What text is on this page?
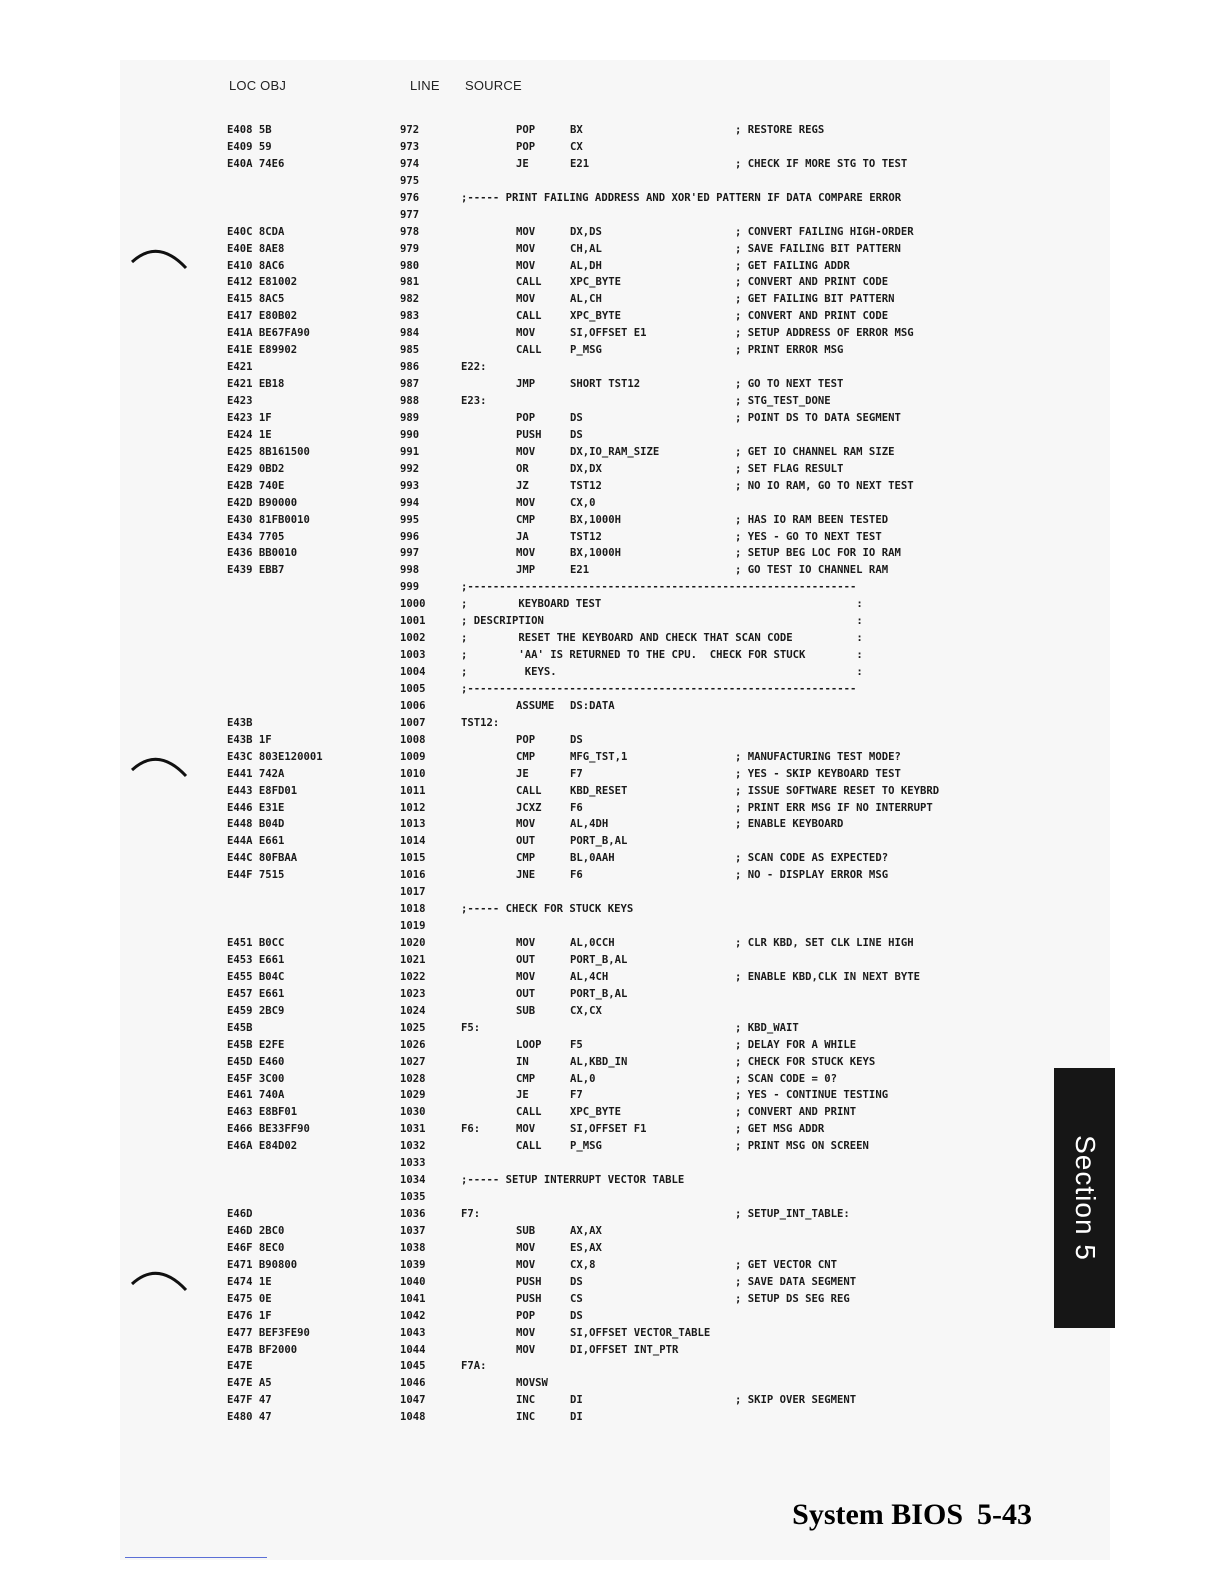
LOC OBJ	LINE SOURCE
E408 5B	972	POP	BX	; RESTORE REGS
E409 59	973	POP	CX
E40A 74E6	974	JE	E21	; CHECK IF MORE STG TO TEST
975
976	;----- PRINT FAILING ADDRESS AND XOR'ED PATTERN IF DATA COMPARE ERROR
977
E40C 8CDA	978	MOV	DX,DS	; CONVERT FAILING HIGH-ORDER
E40E 8AE8	979	MOV	CH,AL	; SAVE FAILING BIT PATTERN
E410 8AC6	980	MOV	AL,DH	; GET FAILING ADDR
E412 E81002	981	CALL	XPC_BYTE	; CONVERT AND PRINT CODE
E415 8AC5	982	MOV	AL,CH	; GET FAILING BIT PATTERN
E417 E80B02	983	CALL	XPC_BYTE	; CONVERT AND PRINT CODE
E41A BE67FA90	984	MOV	SI,OFFSET E1	; SETUP ADDRESS OF ERROR MSG
E41E E89902	985	CALL	P_MSG	; PRINT ERROR MSG
E421	986	E22:
E421 EB18	987	JMP	SHORT TST12	; GO TO NEXT TEST
E423	988	E23:	; STG_TEST_DONE
E423 1F	989	POP	DS	; POINT DS TO DATA SEGMENT
E424 1E	990	PUSH	DS
E425 8B161500	991	MOV	DX,IO_RAM_SIZE	; GET IO CHANNEL RAM SIZE
E429 0BD2	992	OR	DX,DX	; SET FLAG RESULT
E42B 740E	993	JZ	TST12	; NO IO RAM, GO TO NEXT TEST
E42D B90000	994	MOV	CX,0
E430 81FB0010	995	CMP	BX,1000H	; HAS IO RAM BEEN TESTED
E434 7705	996	JA	TST12	; YES - GO TO NEXT TEST
E436 BB0010	997	MOV	BX,1000H	; SETUP BEG LOC FOR IO RAM
E439 EBB7	998	JMP	E21	; GO TEST IO CHANNEL RAM
999	;-------------------------------------------------------------
1000	;        KEYBOARD TEST                                        :
1001	; DESCRIPTION                                                 :
1002	;        RESET THE KEYBOARD AND CHECK THAT SCAN CODE          :
1003	;        'AA' IS RETURNED TO THE CPU.  CHECK FOR STUCK        :
1004	;         KEYS.                                               :
1005	;-------------------------------------------------------------
1006	ASSUME DS:DATA
E43B	1007	TST12:
E43B 1F	1008	POP	DS
E43C 803E120001	1009	CMP	MFG_TST,1	; MANUFACTURING TEST MODE?
E441 742A	1010	JE	F7	; YES - SKIP KEYBOARD TEST
E443 E8FD01	1011	CALL	KBD_RESET	; ISSUE SOFTWARE RESET TO KEYBRD
E446 E31E	1012	JCXZ	F6	; PRINT ERR MSG IF NO INTERRUPT
E448 B04D	1013	MOV	AL,4DH	; ENABLE KEYBOARD
E44A E661	1014	OUT	PORT_B,AL
E44C 80FBAA	1015	CMP	BL,0AAH	; SCAN CODE AS EXPECTED?
E44F 7515	1016	JNE	F6	; NO - DISPLAY ERROR MSG
1017
1018	;----- CHECK FOR STUCK KEYS
1019
E451 B0CC	1020	MOV	AL,0CCH	; CLR KBD, SET CLK LINE HIGH
E453 E661	1021	OUT	PORT_B,AL
E455 B04C	1022	MOV	AL,4CH	; ENABLE KBD,CLK IN NEXT BYTE
E457 E661	1023	OUT	PORT_B,AL
E459 2BC9	1024	SUB	CX,CX
E45B	1025	F5:	; KBD_WAIT
E45B E2FE	1026	LOOP	F5	; DELAY FOR A WHILE
E45D E460	1027	IN	AL,KBD_IN	; CHECK FOR STUCK KEYS
E45F 3C00	1028	CMP	AL,0	; SCAN CODE = 0?
E461 740A	1029	JE	F7	; YES - CONTINUE TESTING
E463 E8BF01	1030	CALL	XPC_BYTE	; CONVERT AND PRINT
E466 BE33FF90	1031	F6:	MOV	SI,OFFSET F1	; GET MSG ADDR
E46A E84D02	1032	CALL	P_MSG	; PRINT MSG ON SCREEN
1033
1034	;----- SETUP INTERRUPT VECTOR TABLE
1035
E46D	1036	F7:	; SETUP_INT_TABLE:
E46D 2BC0	1037	SUB	AX,AX
E46F 8EC0	1038	MOV	ES,AX
E471 B90800	1039	MOV	CX,8	; GET VECTOR CNT
E474 1E	1040	PUSH	DS	; SAVE DATA SEGMENT
E475 0E	1041	PUSH	CS	; SETUP DS SEG REG
E476 1F	1042	POP	DS
E477 BEF3FE90	1043	MOV	SI,OFFSET VECTOR_TABLE
E47B BF2000	1044	MOV	DI,OFFSET INT_PTR
E47E	1045	F7A:
E47E A5	1046	MOVSW
E47F 47	1047	INC	DI	; SKIP OVER SEGMENT
E480 47	1048	INC	DI
Section 5
System BIOS 5-43
